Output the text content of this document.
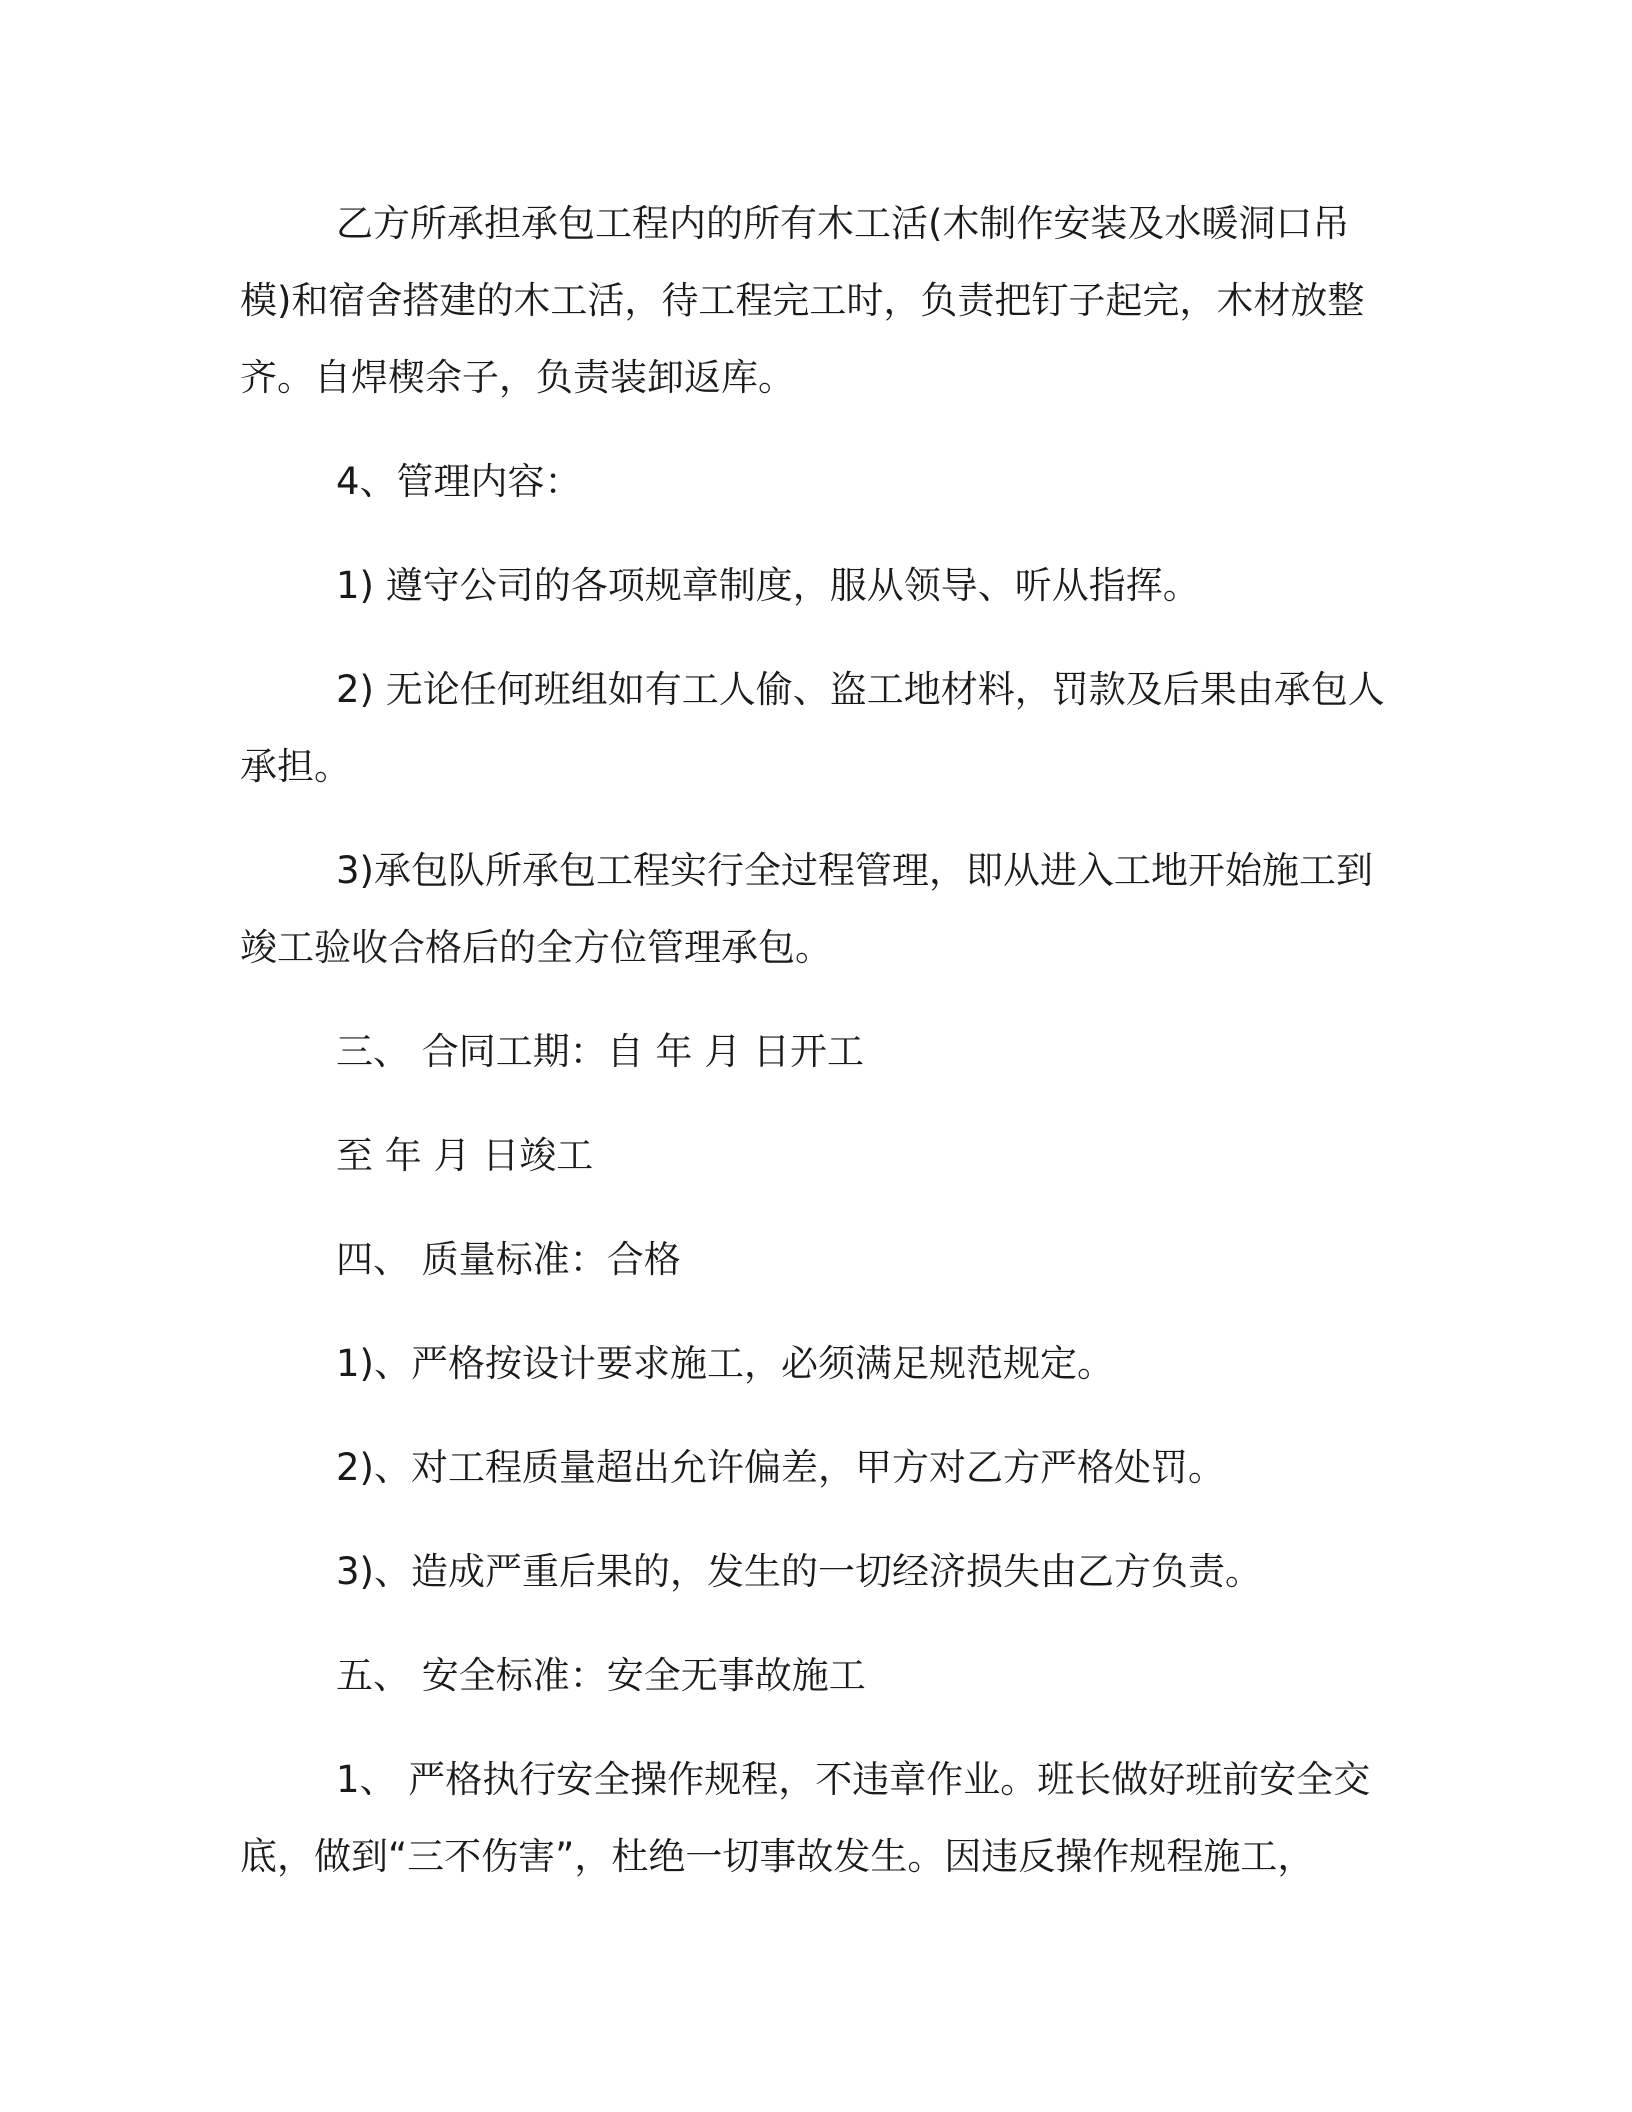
乙方所承担承包工程内的所有木工活(木制作安装及水暖洞口吊模)和宿舍搭建的木工活，待工程完工时，负责把钉子起完，木材放整齐。自焊楔余子，负责装卸返库。

4、管理内容：

1) 遵守公司的各项规章制度，服从领导、听从指挥。

2) 无论任何班组如有工人偷、盗工地材料，罚款及后果由承包人承担。

3)承包队所承包工程实行全过程管理，即从进入工地开始施工到竣工验收合格后的全方位管理承包。

三、 合同工期：自 年 月 日开工

至 年 月 日竣工

四、 质量标准：合格

1)、严格按设计要求施工，必须满足规范规定。

2)、对工程质量超出允许偏差，甲方对乙方严格处罚。

3)、造成严重后果的，发生的一切经济损失由乙方负责。

五、 安全标准：安全无事故施工

1、 严格执行安全操作规程，不违章作业。班长做好班前安全交底，做到“三不伤害”，杜绝一切事故发生。因违反操作规程施工，
